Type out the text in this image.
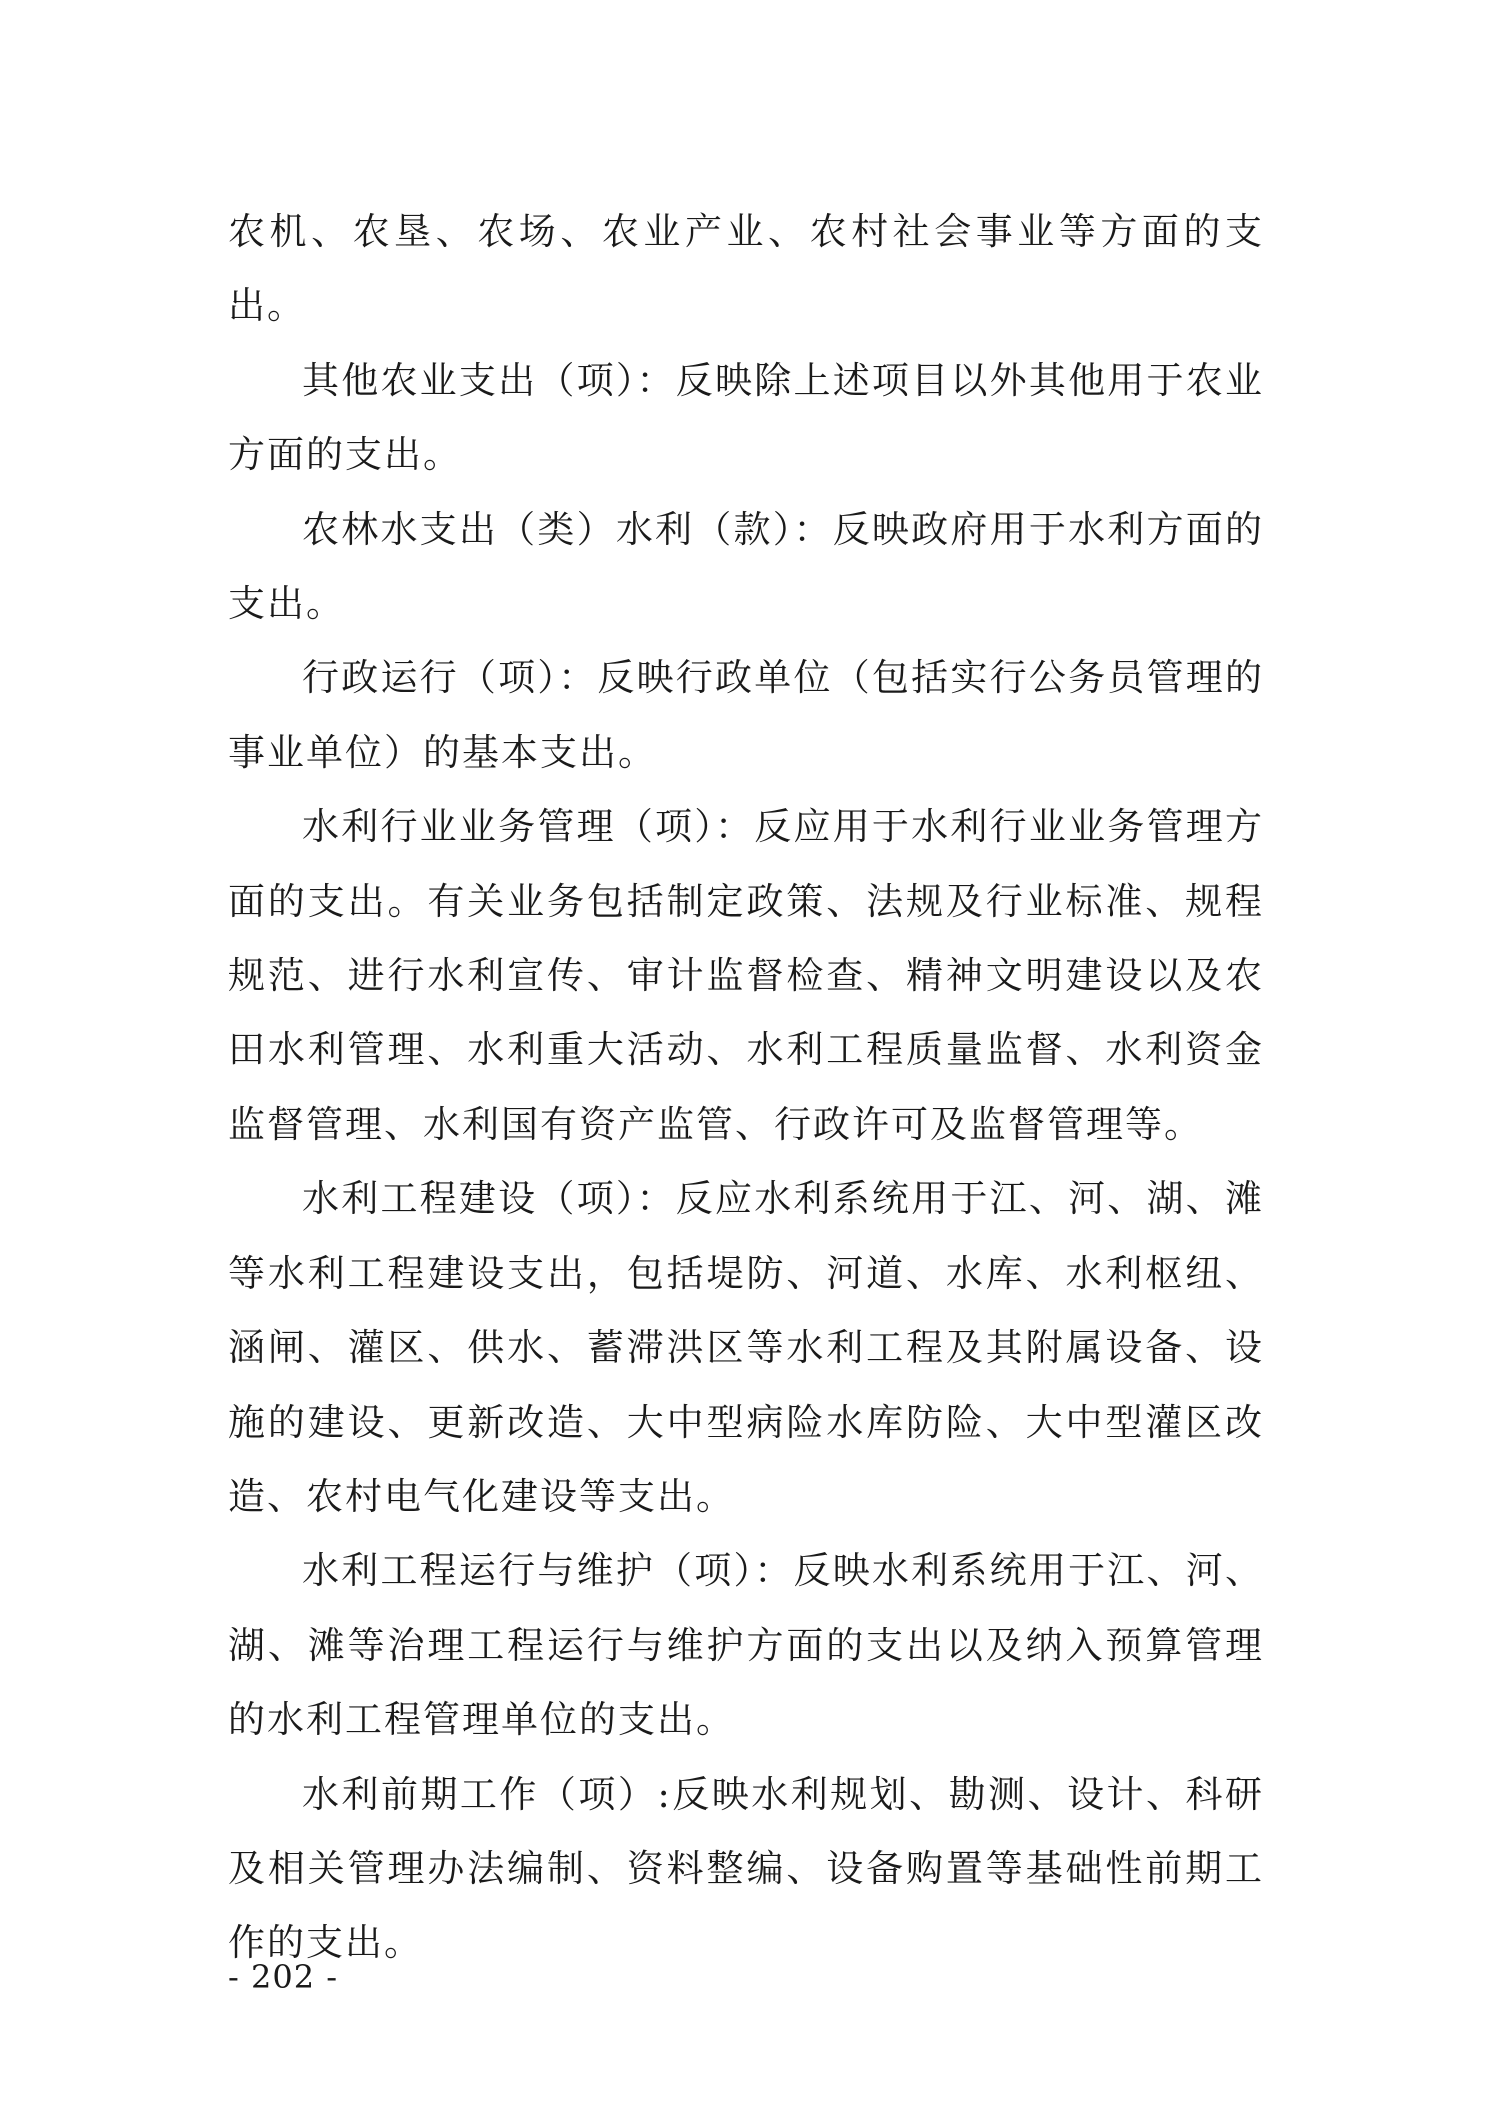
农机、农垦、农场、农业产业、农村社会事业等方面的支出。

其他农业支出（项）：反映除上述项目以外其他用于农业方面的支出。

农林水支出（类）水利（款）：反映政府用于水利方面的支出。

行政运行（项）：反映行政单位（包括实行公务员管理的事业单位）的基本支出。

水利行业业务管理（项）：反应用于水利行业业务管理方面的支出。有关业务包括制定政策、法规及行业标准、规程规范、进行水利宣传、审计监督检查、精神文明建设以及农田水利管理、水利重大活动、水利工程质量监督、水利资金监督管理、水利国有资产监管、行政许可及监督管理等。

水利工程建设（项）：反应水利系统用于江、河、湖、滩等水利工程建设支出，包括堤防、河道、水库、水利枢纽、涵闸、灌区、供水、蓄滞洪区等水利工程及其附属设备、设施的建设、更新改造、大中型病险水库防险、大中型灌区改造、农村电气化建设等支出。

水利工程运行与维护（项）：反映水利系统用于江、河、湖、滩等治理工程运行与维护方面的支出以及纳入预算管理的水利工程管理单位的支出。

水利前期工作（项）:反映水利规划、勘测、设计、科研及相关管理办法编制、资料整编、设备购置等基础性前期工作的支出。

- 202 -
